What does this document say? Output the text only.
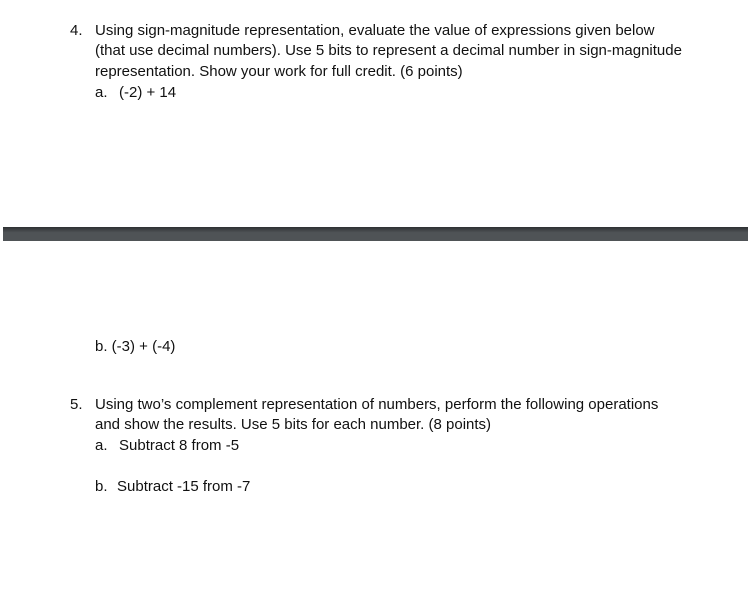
4. Using sign-magnitude representation, evaluate the value of expressions given below
(that use decimal numbers). Use 5 bits to represent a decimal number in sign-magnitude
representation. Show your work for full credit. (6 points)
a. (-2) + 14
b. (-3) + (-4)
5. Using two’s complement representation of numbers, perform the following operations
and show the results. Use 5 bits for each number. (8 points)
a. Subtract 8 from -5
b. Subtract -15 from -7
